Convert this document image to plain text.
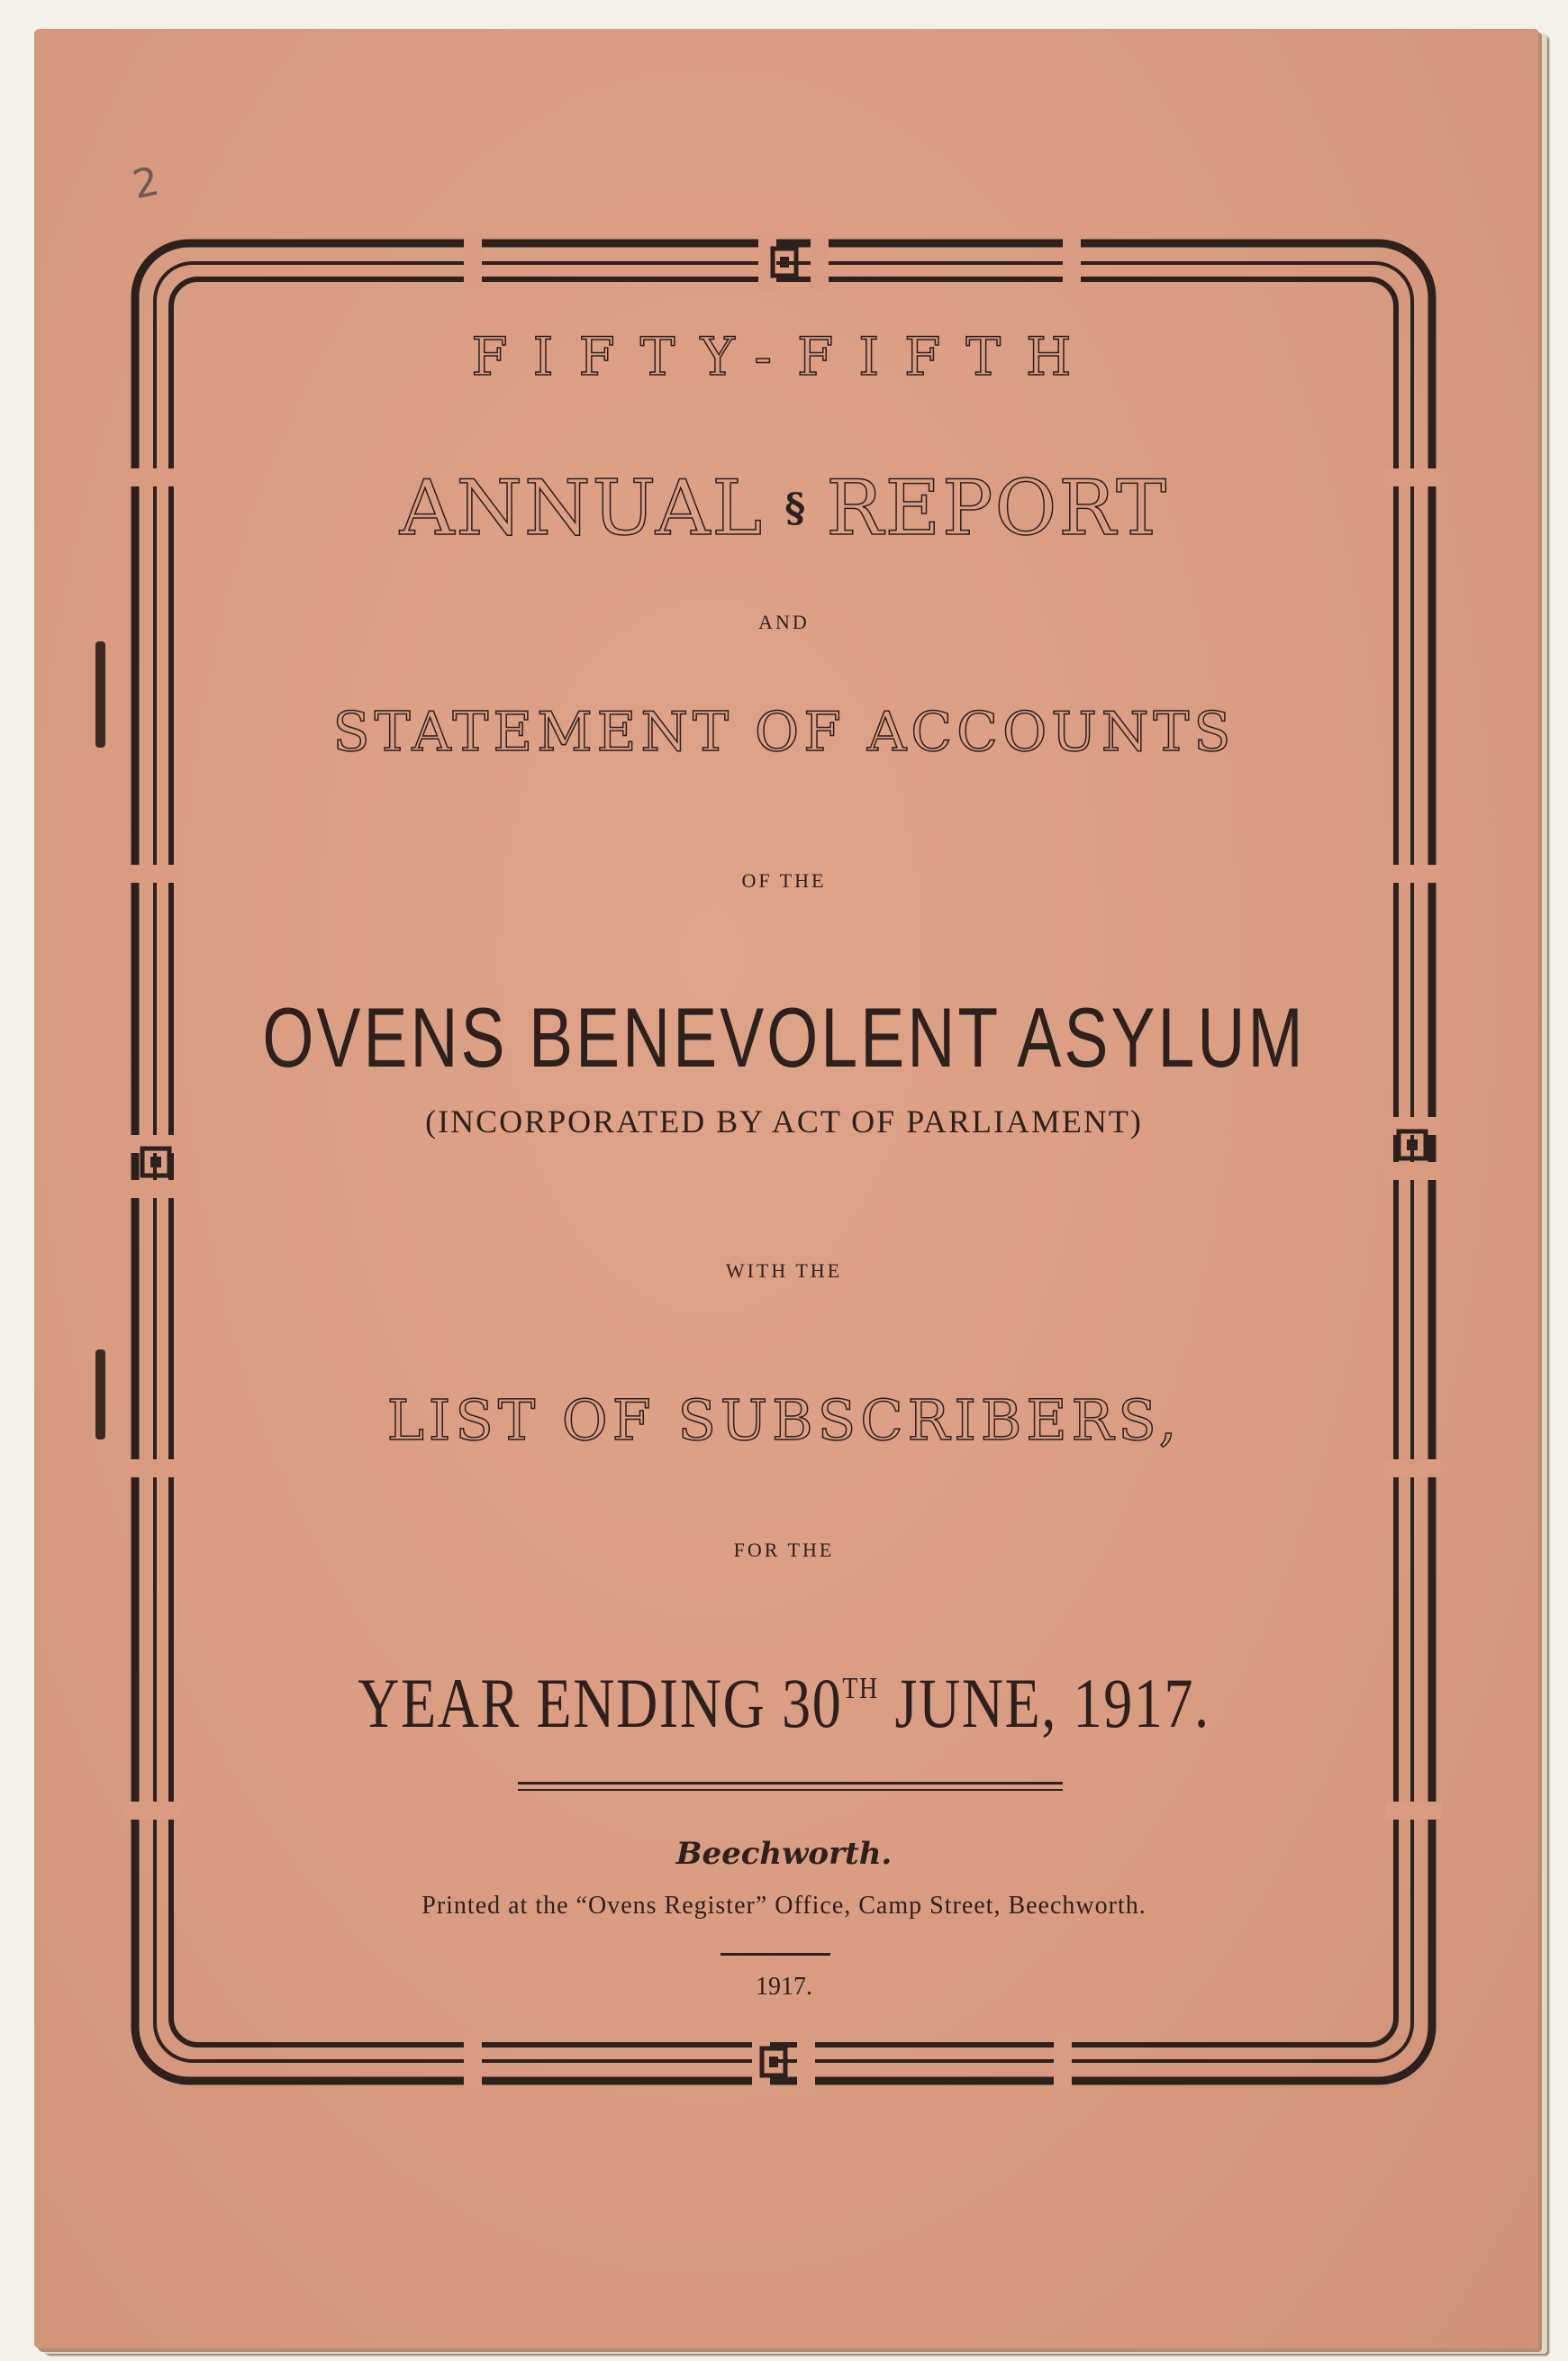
2
FIFTY-FIFTH
ANNUAL § REPORT
AND
STATEMENT OF ACCOUNTS
OF THE
OVENS BENEVOLENT ASYLUM
(INCORPORATED BY ACT OF PARLIAMENT)
WITH THE
LIST OF SUBSCRIBERS,
FOR THE
YEAR ENDING 30TH JUNE, 1917.
Beechworth.
Printed at the “Ovens Register” Office, Camp Street, Beechworth.
1917.
